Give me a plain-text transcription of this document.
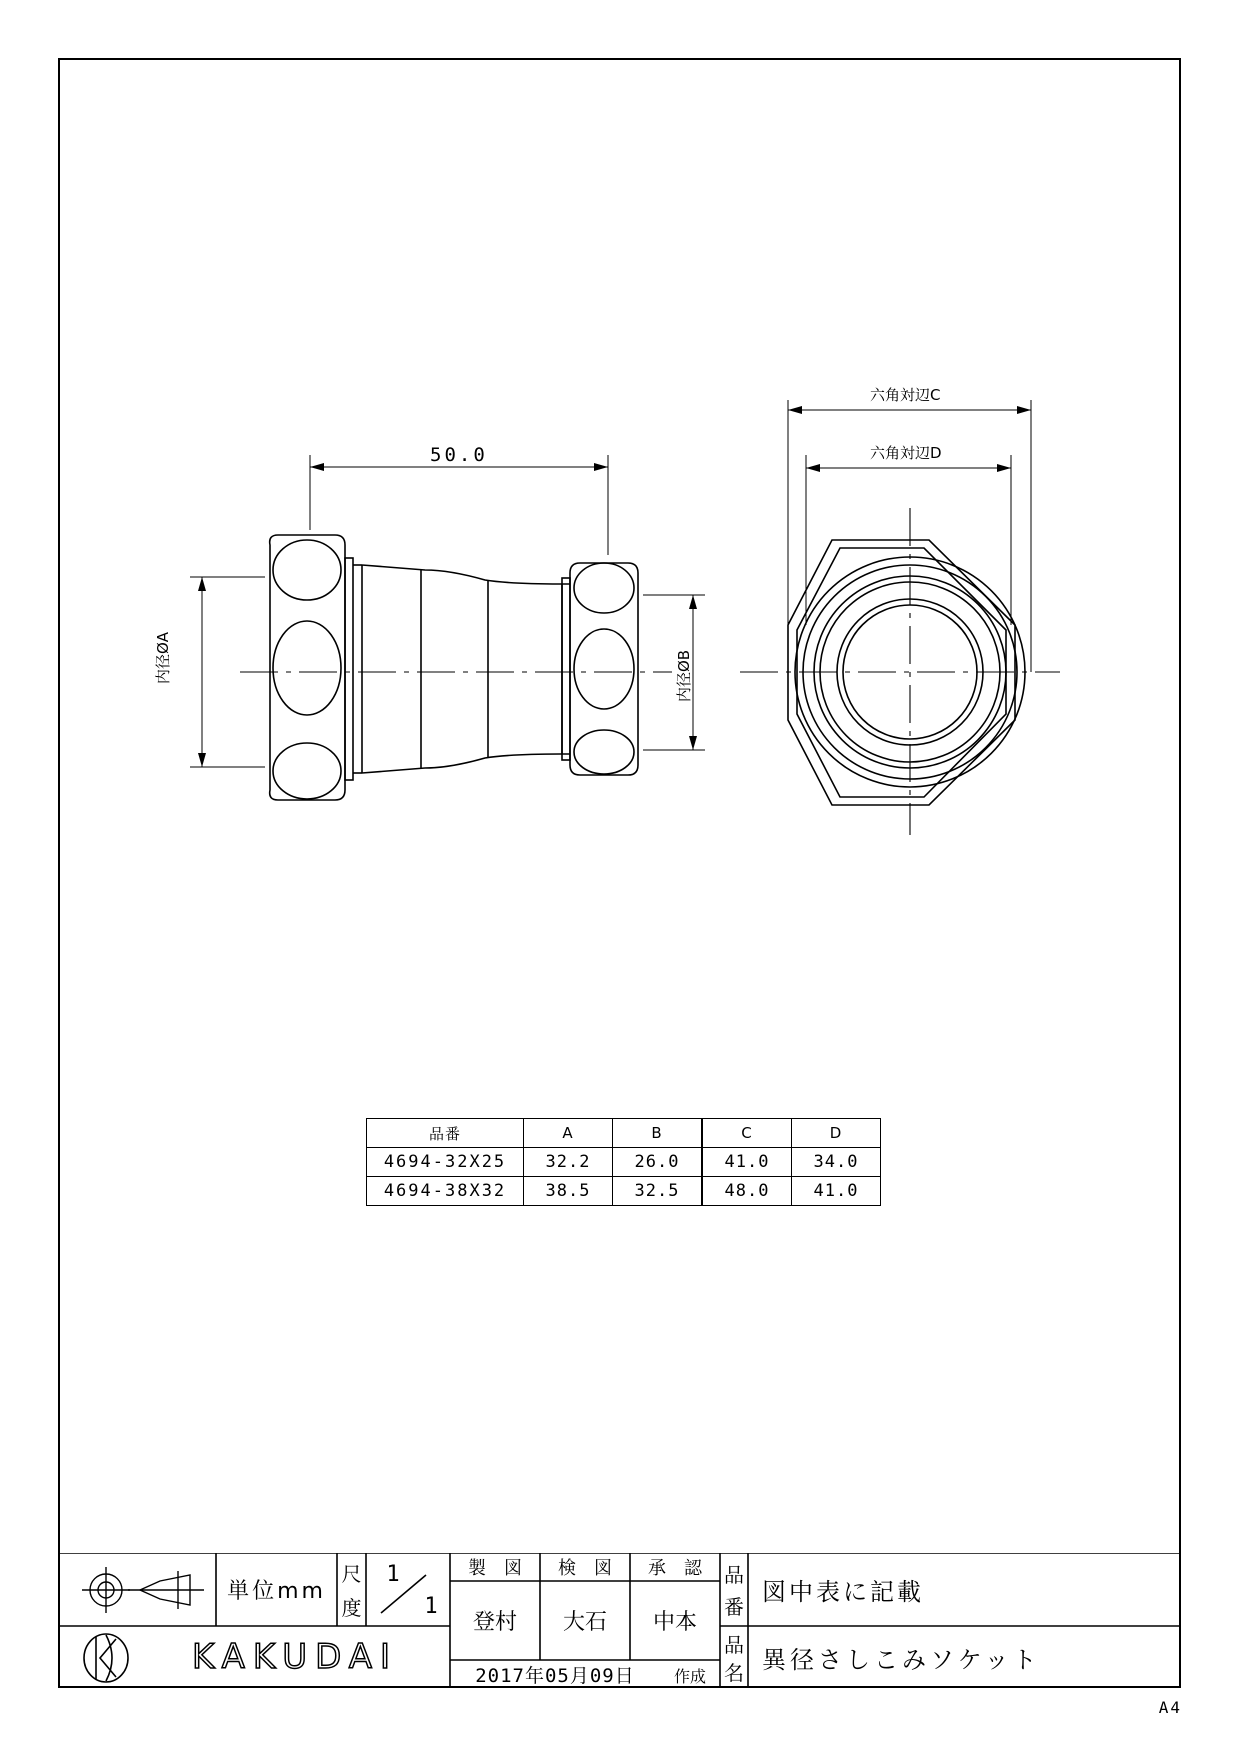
50.0
内径ØA	内径ØB
六角対辺C
六角対辺D
品番	A	B	C	D
4694-32X25	32.2	26.0	41.0	34.0
4694-38X32	38.5	32.5	48.0	41.0
単位mm
尺
度
1
1
製　図	検　図	承　認
登村	大石	中本
2017年05月09日	作成
品
番
品
名
図中表に記載
異径さしこみソケット
KAKUDAI
A4
